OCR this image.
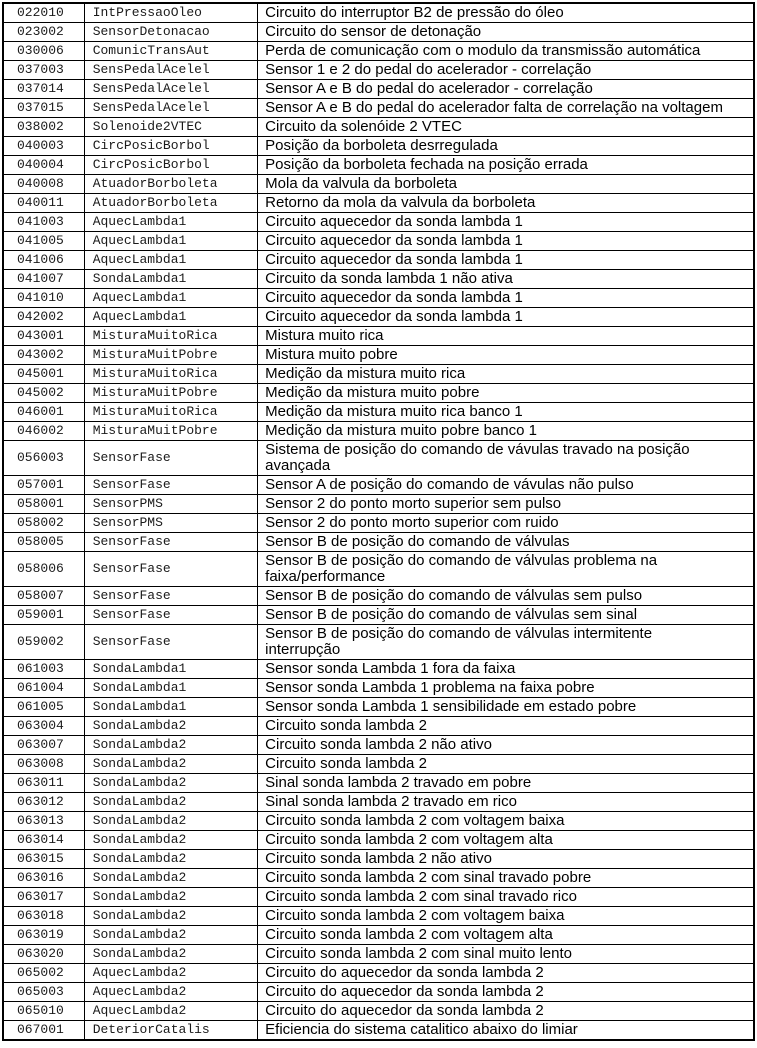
022010	IntPressaoOleo	Circuito do interruptor B2 de pressão do óleo
023002	SensorDetonacao	Circuito do sensor de detonação
030006	ComunicTransAut	Perda de comunicação com o modulo da transmissão automática
037003	SensPedalAcelel	Sensor 1 e 2 do pedal do acelerador - correlação
037014	SensPedalAcelel	Sensor A e B do pedal do acelerador - correlação
037015	SensPedalAcelel	Sensor A e B do pedal do acelerador falta de correlação na voltagem
038002	Solenoide2VTEC	Circuito da solenóide 2 VTEC
040003	CircPosicBorbol	Posição da borboleta desrregulada
040004	CircPosicBorbol	Posição da borboleta fechada na posição errada
040008	AtuadorBorboleta	Mola da valvula da borboleta
040011	AtuadorBorboleta	Retorno da mola da valvula da borboleta
041003	AquecLambda1	Circuito aquecedor da sonda lambda 1
041005	AquecLambda1	Circuito aquecedor da sonda lambda 1
041006	AquecLambda1	Circuito aquecedor da sonda lambda 1
041007	SondaLambda1	Circuito da sonda lambda 1 não ativa
041010	AquecLambda1	Circuito aquecedor da sonda lambda 1
042002	AquecLambda1	Circuito aquecedor da sonda lambda 1
043001	MisturaMuitoRica	Mistura muito rica
043002	MisturaMuitPobre	Mistura muito pobre
045001	MisturaMuitoRica	Medição da mistura muito rica
045002	MisturaMuitPobre	Medição da mistura muito pobre
046001	MisturaMuitoRica	Medição da mistura muito rica banco 1
046002	MisturaMuitPobre	Medição da mistura muito pobre banco 1
056003	SensorFase	Sistema de posição do comando de vávulas travado na posição avançada
057001	SensorFase	Sensor A de posição do comando de vávulas não pulso
058001	SensorPMS	Sensor 2 do ponto morto superior sem pulso
058002	SensorPMS	Sensor 2 do ponto morto superior com ruido
058005	SensorFase	Sensor B de posição do comando de válvulas
058006	SensorFase	Sensor B de posição do comando de válvulas problema na faixa/performance
058007	SensorFase	Sensor B de posição do comando de válvulas sem pulso
059001	SensorFase	Sensor B de posição do comando de válvulas sem sinal
059002	SensorFase	Sensor B de posição do comando de válvulas intermitente interrupção
061003	SondaLambda1	Sensor sonda Lambda 1 fora da faixa
061004	SondaLambda1	Sensor sonda Lambda 1 problema na faixa pobre
061005	SondaLambda1	Sensor sonda Lambda 1 sensibilidade em estado pobre
063004	SondaLambda2	Circuito sonda lambda 2
063007	SondaLambda2	Circuito sonda lambda 2 não ativo
063008	SondaLambda2	Circuito sonda lambda 2
063011	SondaLambda2	Sinal sonda lambda 2 travado em pobre
063012	SondaLambda2	Sinal sonda lambda 2 travado em rico
063013	SondaLambda2	Circuito sonda lambda 2 com voltagem baixa
063014	SondaLambda2	Circuito sonda lambda 2 com voltagem alta
063015	SondaLambda2	Circuito sonda lambda 2 não ativo
063016	SondaLambda2	Circuito sonda lambda 2 com sinal travado pobre
063017	SondaLambda2	Circuito sonda lambda 2 com sinal travado rico
063018	SondaLambda2	Circuito sonda lambda 2 com voltagem baixa
063019	SondaLambda2	Circuito sonda lambda 2 com voltagem alta
063020	SondaLambda2	Circuito sonda lambda 2 com sinal muito lento
065002	AquecLambda2	Circuito do aquecedor da sonda lambda 2
065003	AquecLambda2	Circuito do aquecedor da sonda lambda 2
065010	AquecLambda2	Circuito do aquecedor da sonda lambda 2
067001	DeteriorCatalis	Eficiencia do sistema catalitico abaixo do limiar
